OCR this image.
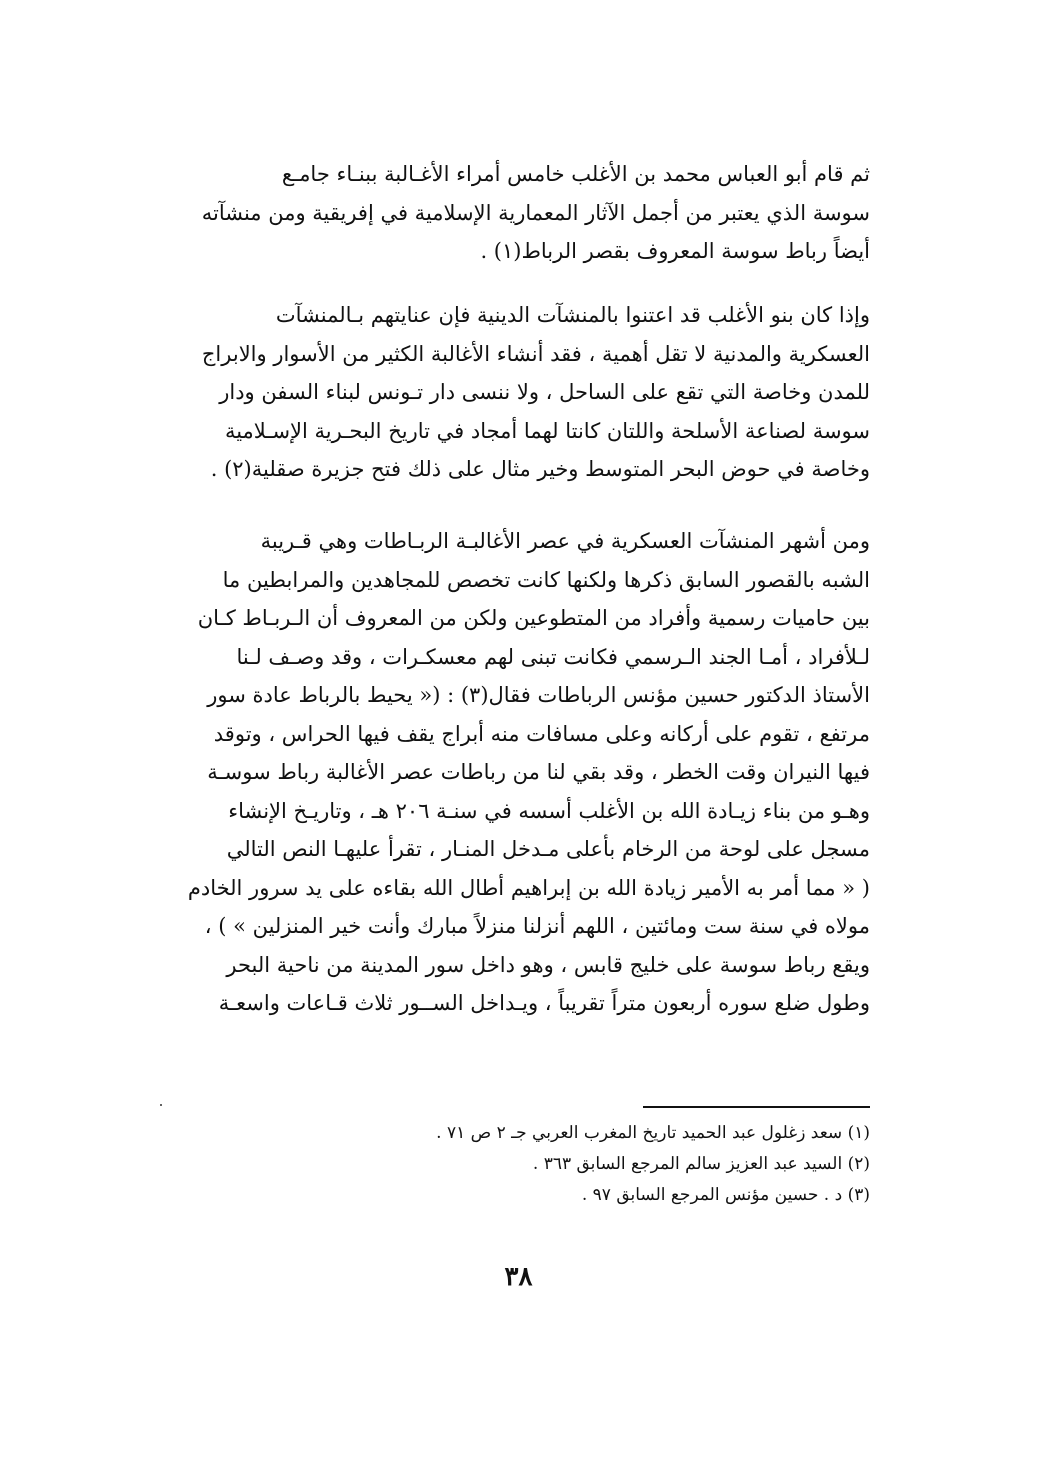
ثم قام أبو العباس محمد بن الأغلب خامس أمراء الأغـالبة ببنـاء جامـع
سوسة الذي يعتبر من أجمل الآثار المعمارية الإسلامية في إفريقية ومن منشآته
أيضاً رباط سوسة المعروف بقصر الرباط(١) .
وإذا كان بنو الأغلب قد اعتنوا بالمنشآت الدينية فإن عنايتهم بـالمنشآت
العسكرية والمدنية لا تقل أهمية ، فقد أنشاء الأغالبة الكثير من الأسوار والابراج
للمدن وخاصة التي تقع على الساحل ، ولا ننسى دار تـونس لبناء السفن ودار
سوسة لصناعة الأسلحة واللتان كانتا لهما أمجاد في تاريخ البحـرية الإسـلامية
وخاصة في حوض البحر المتوسط وخير مثال على ذلك فتح جزيرة صقلية(٢) .
ومن أشهر المنشآت العسكرية في عصر الأغالبـة الربـاطات وهي قـريبة
الشبه بالقصور السابق ذكرها ولكنها كانت تخصص للمجاهدين والمرابطين ما
بين حاميات رسمية وأفراد من المتطوعين ولكن من المعروف أن الـربـاط كـان
لـلأفراد ، أمـا الجند الـرسمي فكانت تبنى لهم معسكـرات ، وقد وصـف لـنا
الأستاذ الدكتور حسين مؤنس الرباطات فقال(٣) : (« يحيط بالرباط عادة سور
مرتفع ، تقوم على أركانه وعلى مسافات منه أبراج يقف فيها الحراس ، وتوقد
فيها النيران وقت الخطر ، وقد بقي لنا من رباطات عصر الأغالبة رباط سوسـة
وهـو من بناء زيـادة الله بن الأغلب أسسه في سنـة ٢٠٦ هـ ، وتاريـخ الإنشاء
مسجل على لوحة من الرخام بأعلى مـدخل المنـار ، تقرأ عليهـا النص التالي
( « مما أمر به الأمير زيادة الله بن إبراهيم أطال الله بقاءه على يد سرور الخادم
مولاه في سنة ست ومائتين ، اللهم أنزلنا منزلاً مبارك وأنت خير المنزلين » ) ،
ويقع رباط سوسة على خليج قابس ، وهو داخل سور المدينة من ناحية البحر
وطول ضلع سوره أربعون متراً تقريباً ، ويـداخل الســور ثلاث قـاعات واسعـة
(١) سعد زغلول عبد الحميد تاريخ المغرب العربي جـ ٢ ص ٧١ .
(٢) السيد عبد العزيز سالم المرجع السابق ٣٦٣ .
(٣) د . حسين مؤنس المرجع السابق ٩٧ .
٣٨
